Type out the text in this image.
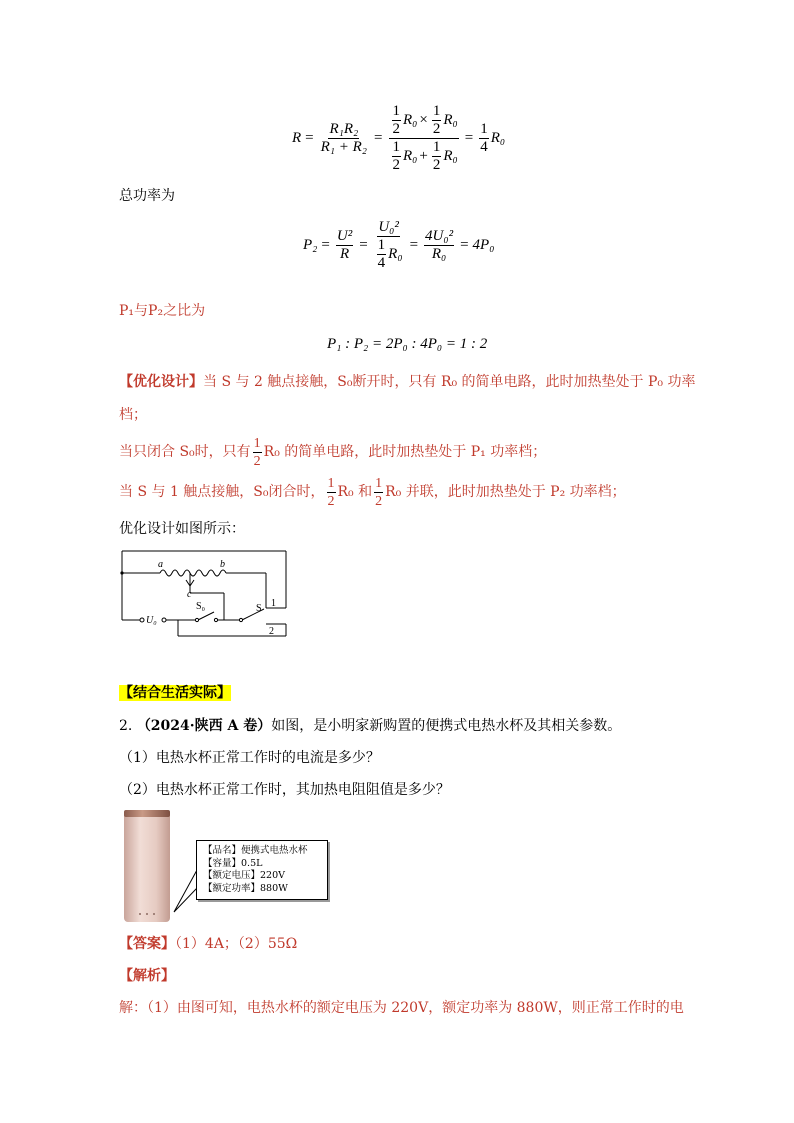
$R = \frac{\text{R₁R₂}}{\text{R₁ + R₂}} = \frac{\frac{1}{2} R_0 \times \frac{1}{2} R_0}{\frac{1}{2} R_0 + \frac{1}{2} R_0} = \frac{1}{4} R_0$
总功率为
$P_2 = \frac{\text{U²}}{R} = \frac{\text{U₀²}}{\frac{1}{4} R_0} = \frac{\text{4U₀²}}{\text{R₀}} = 4P_0$
P₁与P₂之比为
P₁ : P₂ = 2P₀ : 4P₀ = 1 : 2
【优化设计】当 S 与 2 触点接触，S₀断开时，只有 R₀ 的简单电路，此时加热垫处于 P₀ 功率
档；
当只闭合 S₀时，只有 $\frac{1}{2} R_0$ 的简单电路，此时加热垫处于 P₁ 功率档；
当 S 与 1 触点接触，S₀闭合时， $\frac{1}{2} R_0$ 和 $\frac{1}{2} R_0$ 并联，此时加热垫处于 P₂ 功率档；
优化设计如图所示：
a	b
c
S₀	S 1
2
U₀
【结合生活实际】
2. （2024·陕西 A 卷）如图，是小明家新购置的便携式电热水杯及其相关参数。
（1）电热水杯正常工作时的电流是多少？
（2）电热水杯正常工作时，其加热电阻阻值是多少？
【品名】便携式电热水杯
【容量】0.5L
【额定电压】220V
【额定功率】880W
【答案】（1）4A；（2）55Ω
【解析】
解：（1）由图可知，电热水杯的额定电压为 220V，额定功率为 880W，则正常工作时的电
